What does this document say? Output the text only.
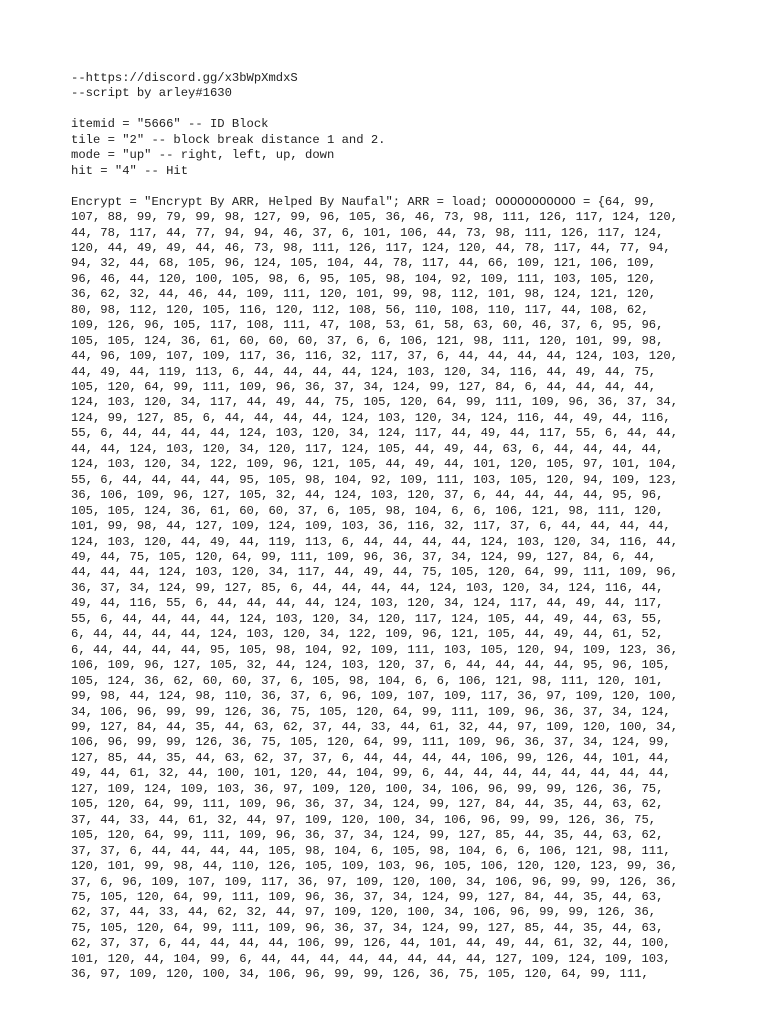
--https://discord.gg/x3bWpXmdxS
--script by arley#1630
itemid = "5666" -- ID Block
tile = "2" -- block break distance 1 and 2.
mode = "up" -- right, left, up, down
hit = "4" -- Hit
Encrypt = "Encrypt By ARR, Helped By Naufal"; ARR = load; OOOOOOOOOOO = {64, 99,
107, 88, 99, 79, 99, 98, 127, 99, 96, 105, 36, 46, 73, 98, 111, 126, 117, 124, 120,
44, 78, 117, 44, 77, 94, 94, 46, 37, 6, 101, 106, 44, 73, 98, 111, 126, 117, 124,
120, 44, 49, 49, 44, 46, 73, 98, 111, 126, 117, 124, 120, 44, 78, 117, 44, 77, 94,
94, 32, 44, 68, 105, 96, 124, 105, 104, 44, 78, 117, 44, 66, 109, 121, 106, 109,
96, 46, 44, 120, 100, 105, 98, 6, 95, 105, 98, 104, 92, 109, 111, 103, 105, 120,
36, 62, 32, 44, 46, 44, 109, 111, 120, 101, 99, 98, 112, 101, 98, 124, 121, 120,
80, 98, 112, 120, 105, 116, 120, 112, 108, 56, 110, 108, 110, 117, 44, 108, 62,
109, 126, 96, 105, 117, 108, 111, 47, 108, 53, 61, 58, 63, 60, 46, 37, 6, 95, 96,
105, 105, 124, 36, 61, 60, 60, 60, 37, 6, 6, 106, 121, 98, 111, 120, 101, 99, 98,
44, 96, 109, 107, 109, 117, 36, 116, 32, 117, 37, 6, 44, 44, 44, 44, 124, 103, 120,
44, 49, 44, 119, 113, 6, 44, 44, 44, 44, 124, 103, 120, 34, 116, 44, 49, 44, 75,
105, 120, 64, 99, 111, 109, 96, 36, 37, 34, 124, 99, 127, 84, 6, 44, 44, 44, 44,
124, 103, 120, 34, 117, 44, 49, 44, 75, 105, 120, 64, 99, 111, 109, 96, 36, 37, 34,
124, 99, 127, 85, 6, 44, 44, 44, 44, 124, 103, 120, 34, 124, 116, 44, 49, 44, 116,
55, 6, 44, 44, 44, 44, 124, 103, 120, 34, 124, 117, 44, 49, 44, 117, 55, 6, 44, 44,
44, 44, 124, 103, 120, 34, 120, 117, 124, 105, 44, 49, 44, 63, 6, 44, 44, 44, 44,
124, 103, 120, 34, 122, 109, 96, 121, 105, 44, 49, 44, 101, 120, 105, 97, 101, 104,
55, 6, 44, 44, 44, 44, 95, 105, 98, 104, 92, 109, 111, 103, 105, 120, 94, 109, 123,
36, 106, 109, 96, 127, 105, 32, 44, 124, 103, 120, 37, 6, 44, 44, 44, 44, 95, 96,
105, 105, 124, 36, 61, 60, 60, 37, 6, 105, 98, 104, 6, 6, 106, 121, 98, 111, 120,
101, 99, 98, 44, 127, 109, 124, 109, 103, 36, 116, 32, 117, 37, 6, 44, 44, 44, 44,
124, 103, 120, 44, 49, 44, 119, 113, 6, 44, 44, 44, 44, 124, 103, 120, 34, 116, 44,
49, 44, 75, 105, 120, 64, 99, 111, 109, 96, 36, 37, 34, 124, 99, 127, 84, 6, 44,
44, 44, 44, 124, 103, 120, 34, 117, 44, 49, 44, 75, 105, 120, 64, 99, 111, 109, 96,
36, 37, 34, 124, 99, 127, 85, 6, 44, 44, 44, 44, 124, 103, 120, 34, 124, 116, 44,
49, 44, 116, 55, 6, 44, 44, 44, 44, 124, 103, 120, 34, 124, 117, 44, 49, 44, 117,
55, 6, 44, 44, 44, 44, 124, 103, 120, 34, 120, 117, 124, 105, 44, 49, 44, 63, 55,
6, 44, 44, 44, 44, 124, 103, 120, 34, 122, 109, 96, 121, 105, 44, 49, 44, 61, 52,
6, 44, 44, 44, 44, 95, 105, 98, 104, 92, 109, 111, 103, 105, 120, 94, 109, 123, 36,
106, 109, 96, 127, 105, 32, 44, 124, 103, 120, 37, 6, 44, 44, 44, 44, 95, 96, 105,
105, 124, 36, 62, 60, 60, 37, 6, 105, 98, 104, 6, 6, 106, 121, 98, 111, 120, 101,
99, 98, 44, 124, 98, 110, 36, 37, 6, 96, 109, 107, 109, 117, 36, 97, 109, 120, 100,
34, 106, 96, 99, 99, 126, 36, 75, 105, 120, 64, 99, 111, 109, 96, 36, 37, 34, 124,
99, 127, 84, 44, 35, 44, 63, 62, 37, 44, 33, 44, 61, 32, 44, 97, 109, 120, 100, 34,
106, 96, 99, 99, 126, 36, 75, 105, 120, 64, 99, 111, 109, 96, 36, 37, 34, 124, 99,
127, 85, 44, 35, 44, 63, 62, 37, 37, 6, 44, 44, 44, 44, 106, 99, 126, 44, 101, 44,
49, 44, 61, 32, 44, 100, 101, 120, 44, 104, 99, 6, 44, 44, 44, 44, 44, 44, 44, 44,
127, 109, 124, 109, 103, 36, 97, 109, 120, 100, 34, 106, 96, 99, 99, 126, 36, 75,
105, 120, 64, 99, 111, 109, 96, 36, 37, 34, 124, 99, 127, 84, 44, 35, 44, 63, 62,
37, 44, 33, 44, 61, 32, 44, 97, 109, 120, 100, 34, 106, 96, 99, 99, 126, 36, 75,
105, 120, 64, 99, 111, 109, 96, 36, 37, 34, 124, 99, 127, 85, 44, 35, 44, 63, 62,
37, 37, 6, 44, 44, 44, 44, 105, 98, 104, 6, 105, 98, 104, 6, 6, 106, 121, 98, 111,
120, 101, 99, 98, 44, 110, 126, 105, 109, 103, 96, 105, 106, 120, 120, 123, 99, 36,
37, 6, 96, 109, 107, 109, 117, 36, 97, 109, 120, 100, 34, 106, 96, 99, 99, 126, 36,
75, 105, 120, 64, 99, 111, 109, 96, 36, 37, 34, 124, 99, 127, 84, 44, 35, 44, 63,
62, 37, 44, 33, 44, 62, 32, 44, 97, 109, 120, 100, 34, 106, 96, 99, 99, 126, 36,
75, 105, 120, 64, 99, 111, 109, 96, 36, 37, 34, 124, 99, 127, 85, 44, 35, 44, 63,
62, 37, 37, 6, 44, 44, 44, 44, 106, 99, 126, 44, 101, 44, 49, 44, 61, 32, 44, 100,
101, 120, 44, 104, 99, 6, 44, 44, 44, 44, 44, 44, 44, 44, 127, 109, 124, 109, 103,
36, 97, 109, 120, 100, 34, 106, 96, 99, 99, 126, 36, 75, 105, 120, 64, 99, 111,
